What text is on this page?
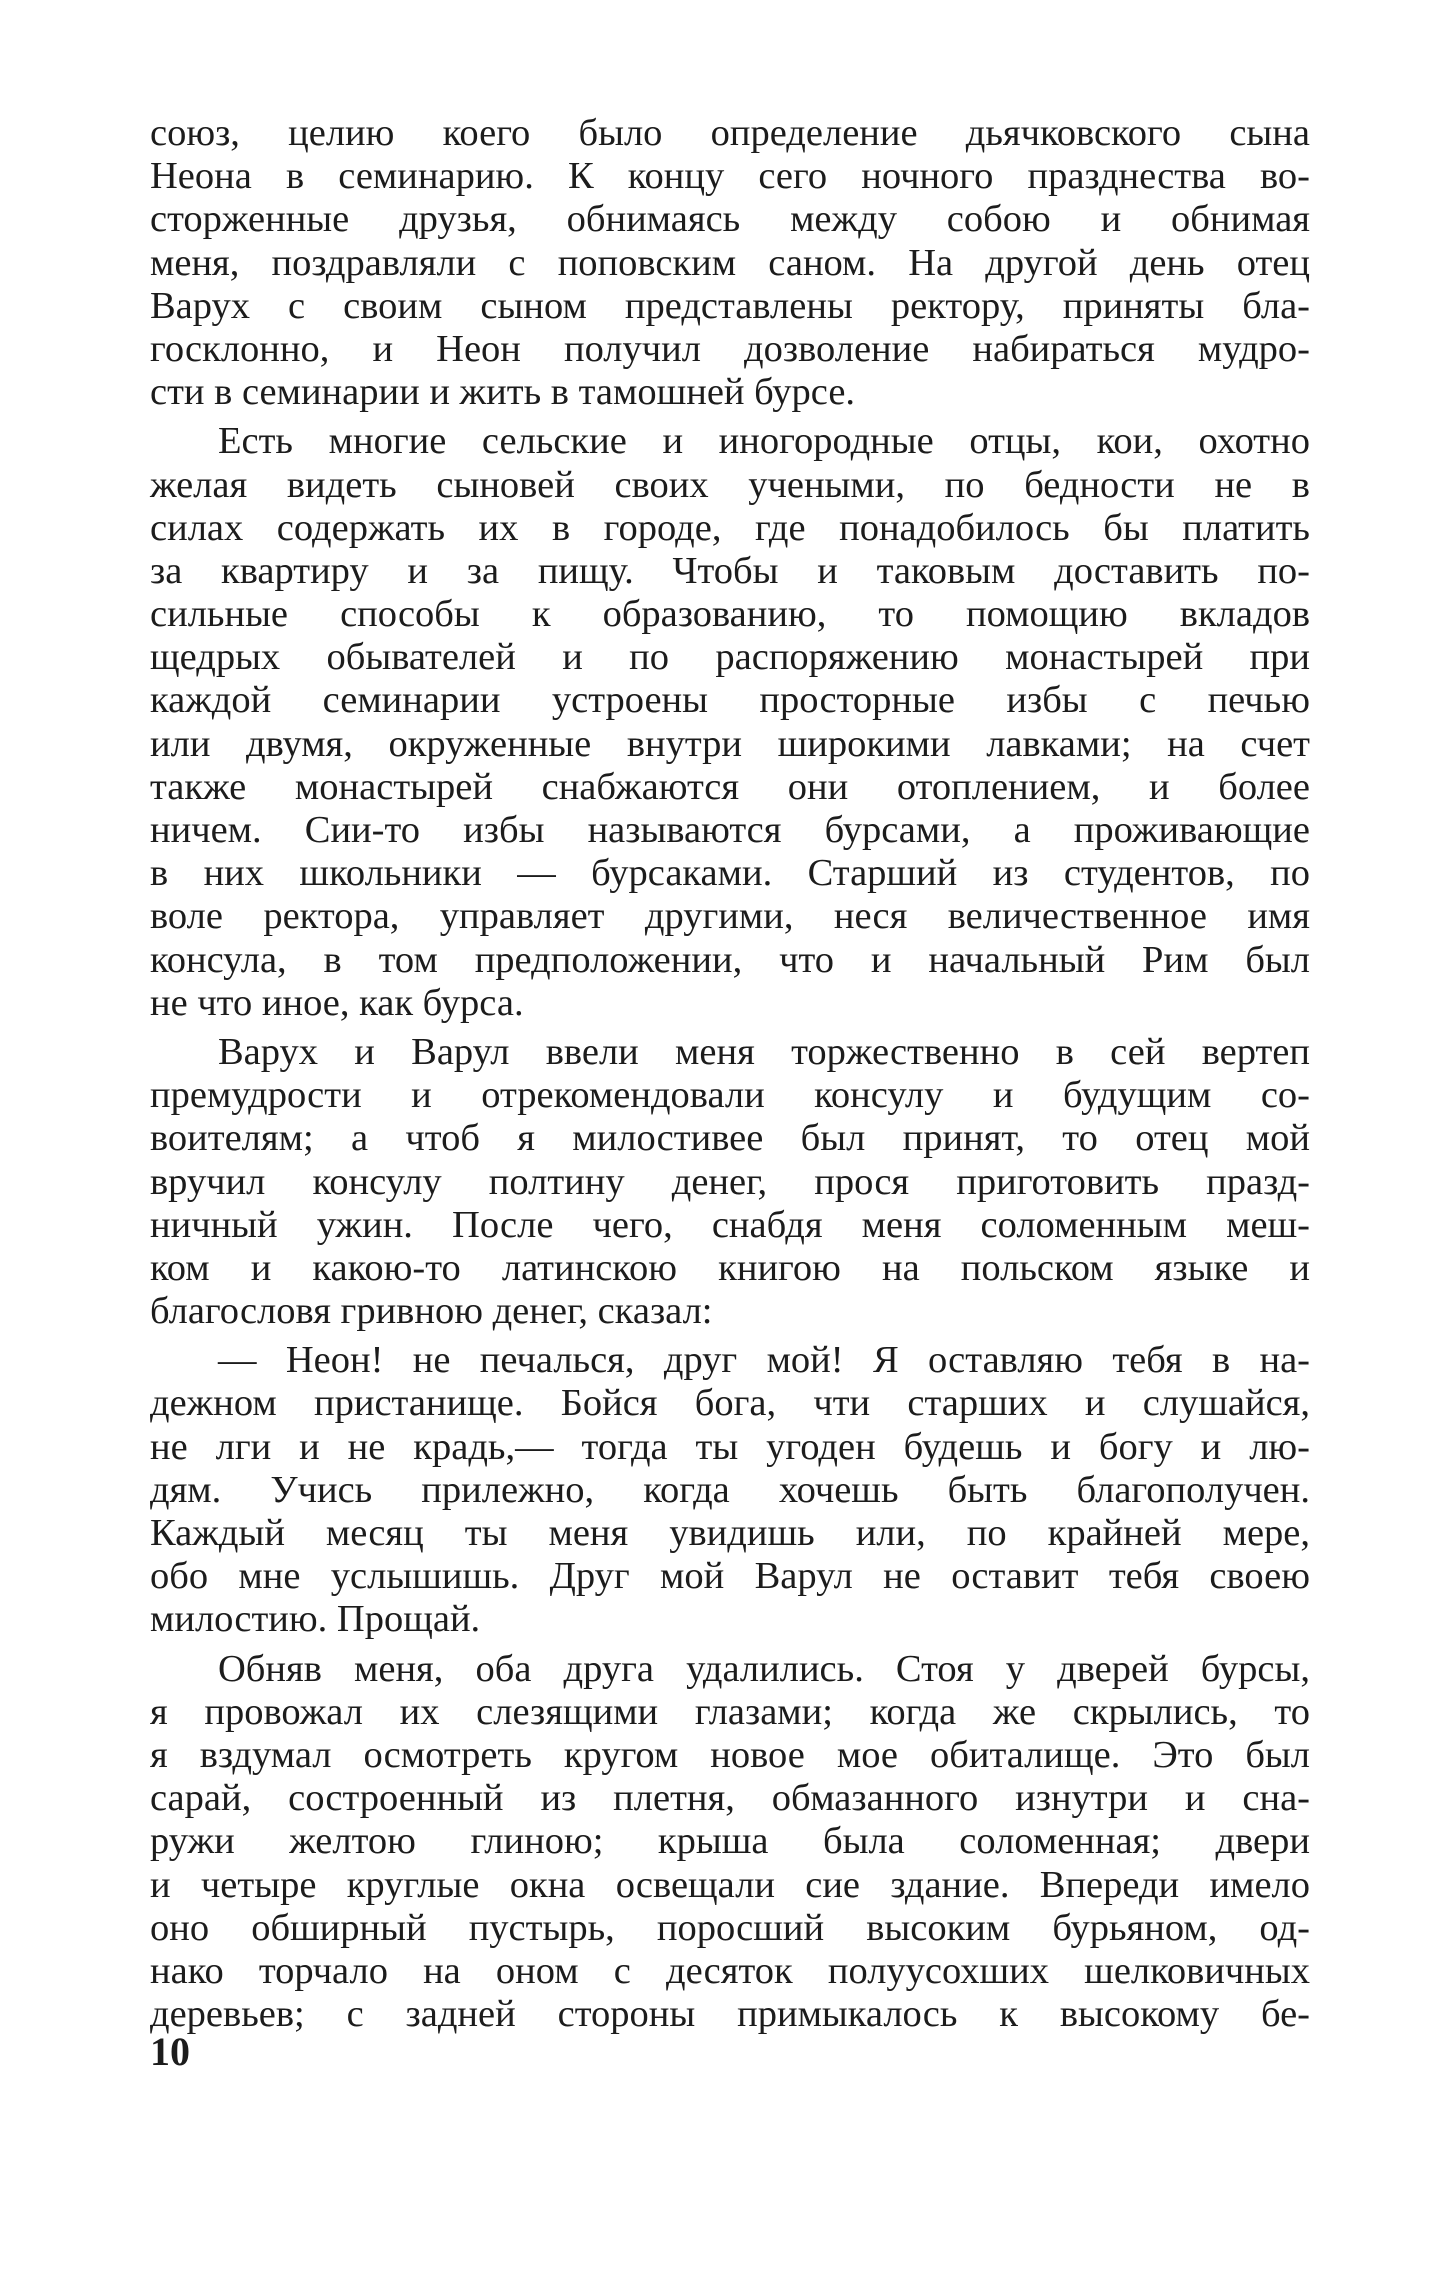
союз, целию коего было определение дьячковского сына
Неона в семинарию. К концу сего ночного празднества во-
сторженные друзья, обнимаясь между собою и обнимая
меня, поздравляли с поповским саном. На другой день отец
Варух с своим сыном представлены ректору, приняты бла-
госклонно, и Неон получил дозволение набираться мудро-
сти в семинарии и жить в тамошней бурсе.
Есть многие сельские и иногородные отцы, кои, охотно
желая видеть сыновей своих учеными, по бедности не в
силах содержать их в городе, где понадобилось бы платить
за квартиру и за пищу. Чтобы и таковым доставить по-
сильные способы к образованию, то помощию вкладов
щедрых обывателей и по распоряжению монастырей при
каждой семинарии устроены просторные избы с печью
или двумя, окруженные внутри широкими лавками; на счет
также монастырей снабжаются они отоплением, и более
ничем. Сии-то избы называются бурсами, а проживающие
в них школьники — бурсаками. Старший из студентов, по
воле ректора, управляет другими, неся величественное имя
консула, в том предположении, что и начальный Рим был
не что иное, как бурса.
Варух и Варул ввели меня торжественно в сей вертеп
премудрости и отрекомендовали консулу и будущим со-
воителям; а чтоб я милостивее был принят, то отец мой
вручил консулу полтину денег, прося приготовить празд-
ничный ужин. После чего, снабдя меня соломенным меш-
ком и какою-то латинскою книгою на польском языке и
благословя гривною денег, сказал:
— Неон! не печалься, друг мой! Я оставляю тебя в на-
дежном пристанище. Бойся бога, чти старших и слушайся,
не лги и не крадь,— тогда ты угоден будешь и богу и лю-
дям. Учись прилежно, когда хочешь быть благополучен.
Каждый месяц ты меня увидишь или, по крайней мере,
обо мне услышишь. Друг мой Варул не оставит тебя своею
милостию. Прощай.
Обняв меня, оба друга удалились. Стоя у дверей бурсы,
я провожал их слезящими глазами; когда же скрылись, то
я вздумал осмотреть кругом новое мое обиталище. Это был
сарай, состроенный из плетня, обмазанного изнутри и сна-
ружи желтою глиною; крыша была соломенная; двери
и четыре круглые окна освещали сие здание. Впереди имело
оно обширный пустырь, поросший высоким бурьяном, од-
нако торчало на оном с десяток полуусохших шелковичных
деревьев; с задней стороны примыкалось к высокому бе-
10
